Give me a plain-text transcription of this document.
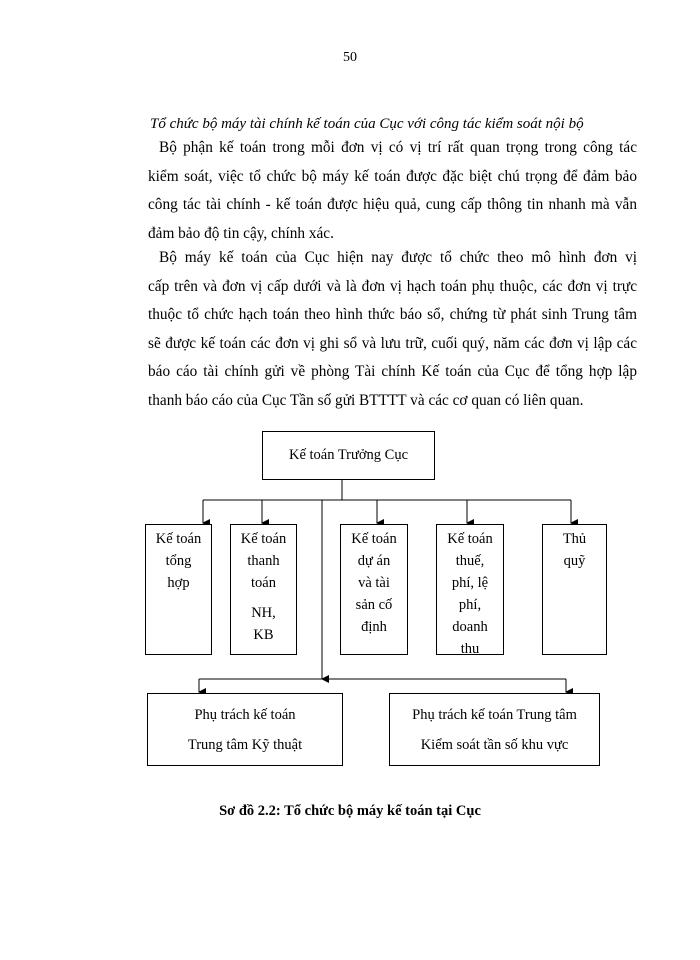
50
Tổ chức bộ máy tài chính kế toán của Cục với công tác kiểm soát nội bộ
Bộ phận kế toán trong mỗi đơn vị có vị trí rất quan trọng trong công tác
kiểm soát, việc tổ chức bộ máy kế toán được đặc biệt chú trọng để đảm bảo
công tác tài chính - kế toán được hiệu quả, cung cấp thông tin nhanh mà vẫn
đảm bảo độ tin cậy, chính xác.
Bộ máy kế toán của Cục hiện nay được tổ chức theo mô hình đơn vị
cấp trên và đơn vị cấp dưới và là đơn vị hạch toán phụ thuộc, các đơn vị trực
thuộc tổ chức hạch toán theo hình thức báo sổ, chứng từ phát sinh Trung tâm
sẽ được kế toán các đơn vị ghi sổ và lưu trữ, cuối quý, năm các đơn vị lập các
báo cáo tài chính gửi về phòng Tài chính Kế toán của Cục để tổng hợp lập
thanh báo cáo của Cục Tần số gửi BTTTT và các cơ quan có liên quan.
Kế toán Trưởng Cục
Kế toán
tổng
hợp
Kế toán
thanh
toán
NH,
KB
Kế toán
dự án
và tài
sản cố
định
Kế toán
thuế,
phí, lệ
phí,
doanh
thu
Thủ
quỹ
Phụ trách kế toán
Trung tâm Kỹ thuật
Phụ trách kế toán Trung tâm
Kiểm soát tần số khu vực
Sơ đồ 2.2: Tổ chức bộ máy kế toán tại Cục
